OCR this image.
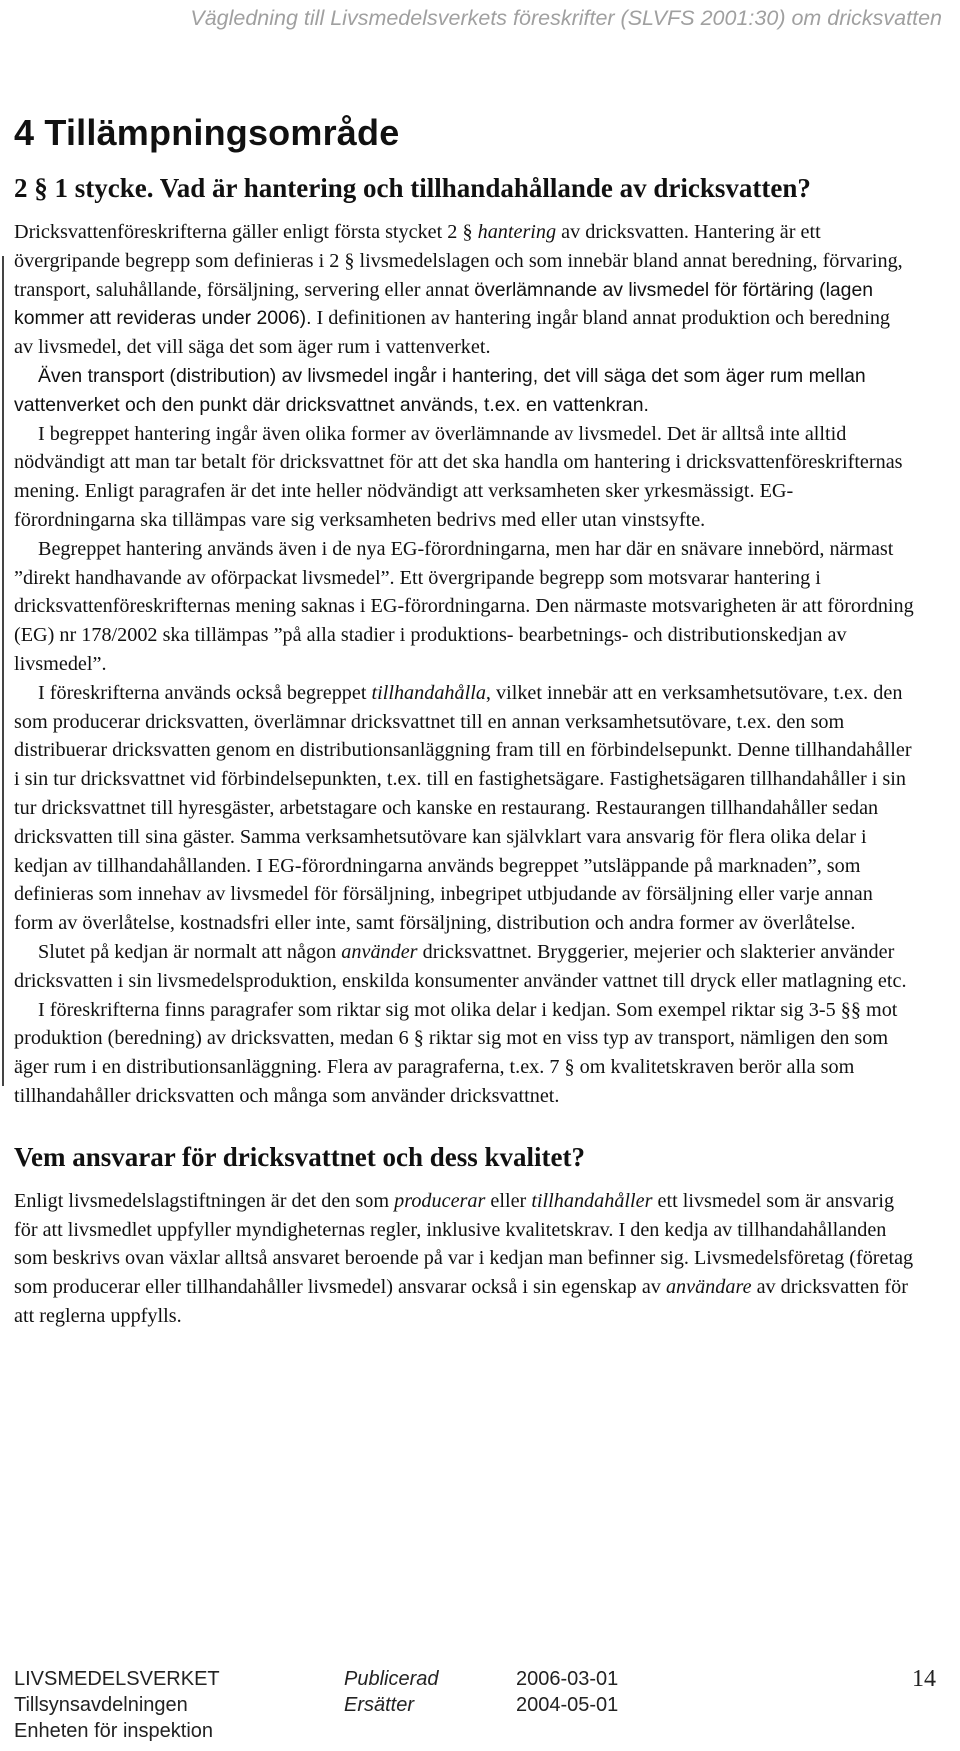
Vägledning till Livsmedelsverkets föreskrifter (SLVFS 2001:30) om dricksvatten
4 Tillämpningsområde
2 § 1 stycke. Vad är hantering och tillhandahållande av dricksvatten?

Dricksvattenföreskrifterna gäller enligt första stycket 2 § hantering av dricksvatten. Hantering är ett övergripande begrepp som definieras i 2 § livsmedelslagen och som innebär bland annat beredning, förvaring, transport, saluhållande, försäljning, servering eller annat överlämnande av livsmedel för förtäring (lagen kommer att revideras under 2006). I definitionen av hantering ingår bland annat produktion och beredning av livsmedel, det vill säga det som äger rum i vattenverket.

Även transport (distribution) av livsmedel ingår i hantering, det vill säga det som äger rum mellan vattenverket och den punkt där dricksvattnet används, t.ex. en vattenkran.

I begreppet hantering ingår även olika former av överlämnande av livsmedel. Det är alltså inte alltid nödvändigt att man tar betalt för dricksvattnet för att det ska handla om hantering i dricksvattenföreskrifternas mening. Enligt paragrafen är det inte heller nödvändigt att verksamheten sker yrkesmässigt. EG-förordningarna ska tillämpas vare sig verksamheten bedrivs med eller utan vinstsyfte.

Begreppet hantering används även i de nya EG-förordningarna, men har där en snävare innebörd, närmast ”direkt handhavande av oförpackat livsmedel”. Ett övergripande begrepp som motsvarar hantering i dricksvattenföreskrifternas mening saknas i EG-förordningarna. Den närmaste motsvarigheten är att förordning (EG) nr 178/2002 ska tillämpas ”på alla stadier i produktions- bearbetnings- och distributionskedjan av livsmedel”.

I föreskrifterna används också begreppet tillhandahålla, vilket innebär att en verksamhetsutövare, t.ex. den som producerar dricksvatten, överlämnar dricksvattnet till en annan verksamhetsutövare, t.ex. den som distribuerar dricksvatten genom en distributionsanläggning fram till en förbindelsepunkt. Denne tillhandahåller i sin tur dricksvattnet vid förbindelsepunkten, t.ex. till en fastighetsägare. Fastighetsägaren tillhandahåller i sin tur dricksvattnet till hyresgäster, arbetstagare och kanske en restaurang. Restaurangen tillhandahåller sedan dricksvatten till sina gäster. Samma verksamhetsutövare kan självklart vara ansvarig för flera olika delar i kedjan av tillhandahållanden. I EG-förordningarna används begreppet ”utsläppande på marknaden”, som definieras som innehav av livsmedel för försäljning, inbegripet utbjudande av försäljning eller varje annan form av överlåtelse, kostnadsfri eller inte, samt försäljning, distribution och andra former av överlåtelse.

Slutet på kedjan är normalt att någon använder dricksvattnet. Bryggerier, mejerier och slakterier använder dricksvatten i sin livsmedelsproduktion, enskilda konsumenter använder vattnet till dryck eller matlagning etc.

I föreskrifterna finns paragrafer som riktar sig mot olika delar i kedjan. Som exempel riktar sig 3-5 §§ mot produktion (beredning) av dricksvatten, medan 6 § riktar sig mot en viss typ av transport, nämligen den som äger rum i en distributionsanläggning. Flera av paragraferna, t.ex. 7 § om kvalitetskraven berör alla som tillhandahåller dricksvatten och många som använder dricksvattnet.

Vem ansvarar för dricksvattnet och dess kvalitet?

Enligt livsmedelslagstiftningen är det den som producerar eller tillhandahåller ett livsmedel som är ansvarig för att livsmedlet uppfyller myndigheternas regler, inklusive kvalitetskrav. I den kedja av tillhandahållanden som beskrivs ovan växlar alltså ansvaret beroende på var i kedjan man befinner sig. Livsmedelsföretag (företag som producerar eller tillhandahåller livsmedel) ansvarar också i sin egenskap av användare av dricksvatten för att reglerna uppfylls.

LIVSMEDELSVERKET
Tillsynsavdelningen
Enheten för inspektion
Publicerad
Ersätter
2006-03-01
2004-05-01
14
